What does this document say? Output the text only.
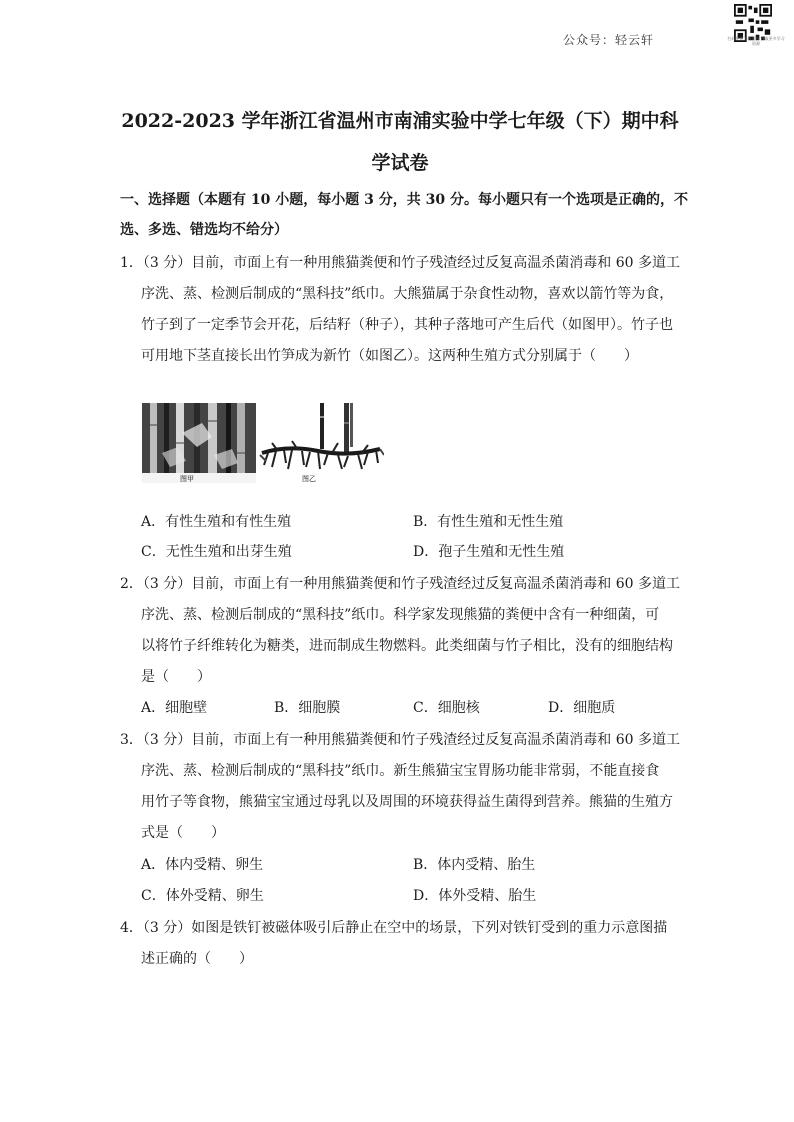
公众号：轻云轩	扫码免费下载资料 获取更多学习资源
2022-2023 学年浙江省温州市南浦实验中学七年级（下）期中科
学试卷
一、选择题（本题有 10 小题，每小题 3 分，共 30 分。每小题只有一个选项是正确的，不
选、多选、错选均不给分）
1．（3 分）目前，市面上有一种用熊猫粪便和竹子残渣经过反复高温杀菌消毒和 60 多道工
序洗、蒸、检测后制成的“黑科技”纸巾。大熊猫属于杂食性动物，喜欢以箭竹等为食，
竹子到了一定季节会开花，后结籽（种子），其种子落地可产生后代（如图甲）。竹子也
可用地下茎直接长出竹笋成为新竹（如图乙）。这两种生殖方式分别属于（　　）
图甲	图乙
A．有性生殖和有性生殖	B．有性生殖和无性生殖
C．无性生殖和出芽生殖	D．孢子生殖和无性生殖
2．（3 分）目前，市面上有一种用熊猫粪便和竹子残渣经过反复高温杀菌消毒和 60 多道工
序洗、蒸、检测后制成的“黑科技”纸巾。科学家发现熊猫的粪便中含有一种细菌，可
以将竹子纤维转化为糖类，进而制成生物燃料。此类细菌与竹子相比，没有的细胞结构
是（　　）
A．细胞壁	B．细胞膜	C．细胞核	D．细胞质
3．（3 分）目前，市面上有一种用熊猫粪便和竹子残渣经过反复高温杀菌消毒和 60 多道工
序洗、蒸、检测后制成的“黑科技”纸巾。新生熊猫宝宝胃肠功能非常弱，不能直接食
用竹子等食物，熊猫宝宝通过母乳以及周围的环境获得益生菌得到营养。熊猫的生殖方
式是（　　）
A．体内受精、卵生	B．体内受精、胎生
C．体外受精、卵生	D．体外受精、胎生
4．（3 分）如图是铁钉被磁体吸引后静止在空中的场景，下列对铁钉受到的重力示意图描
述正确的（　　）
